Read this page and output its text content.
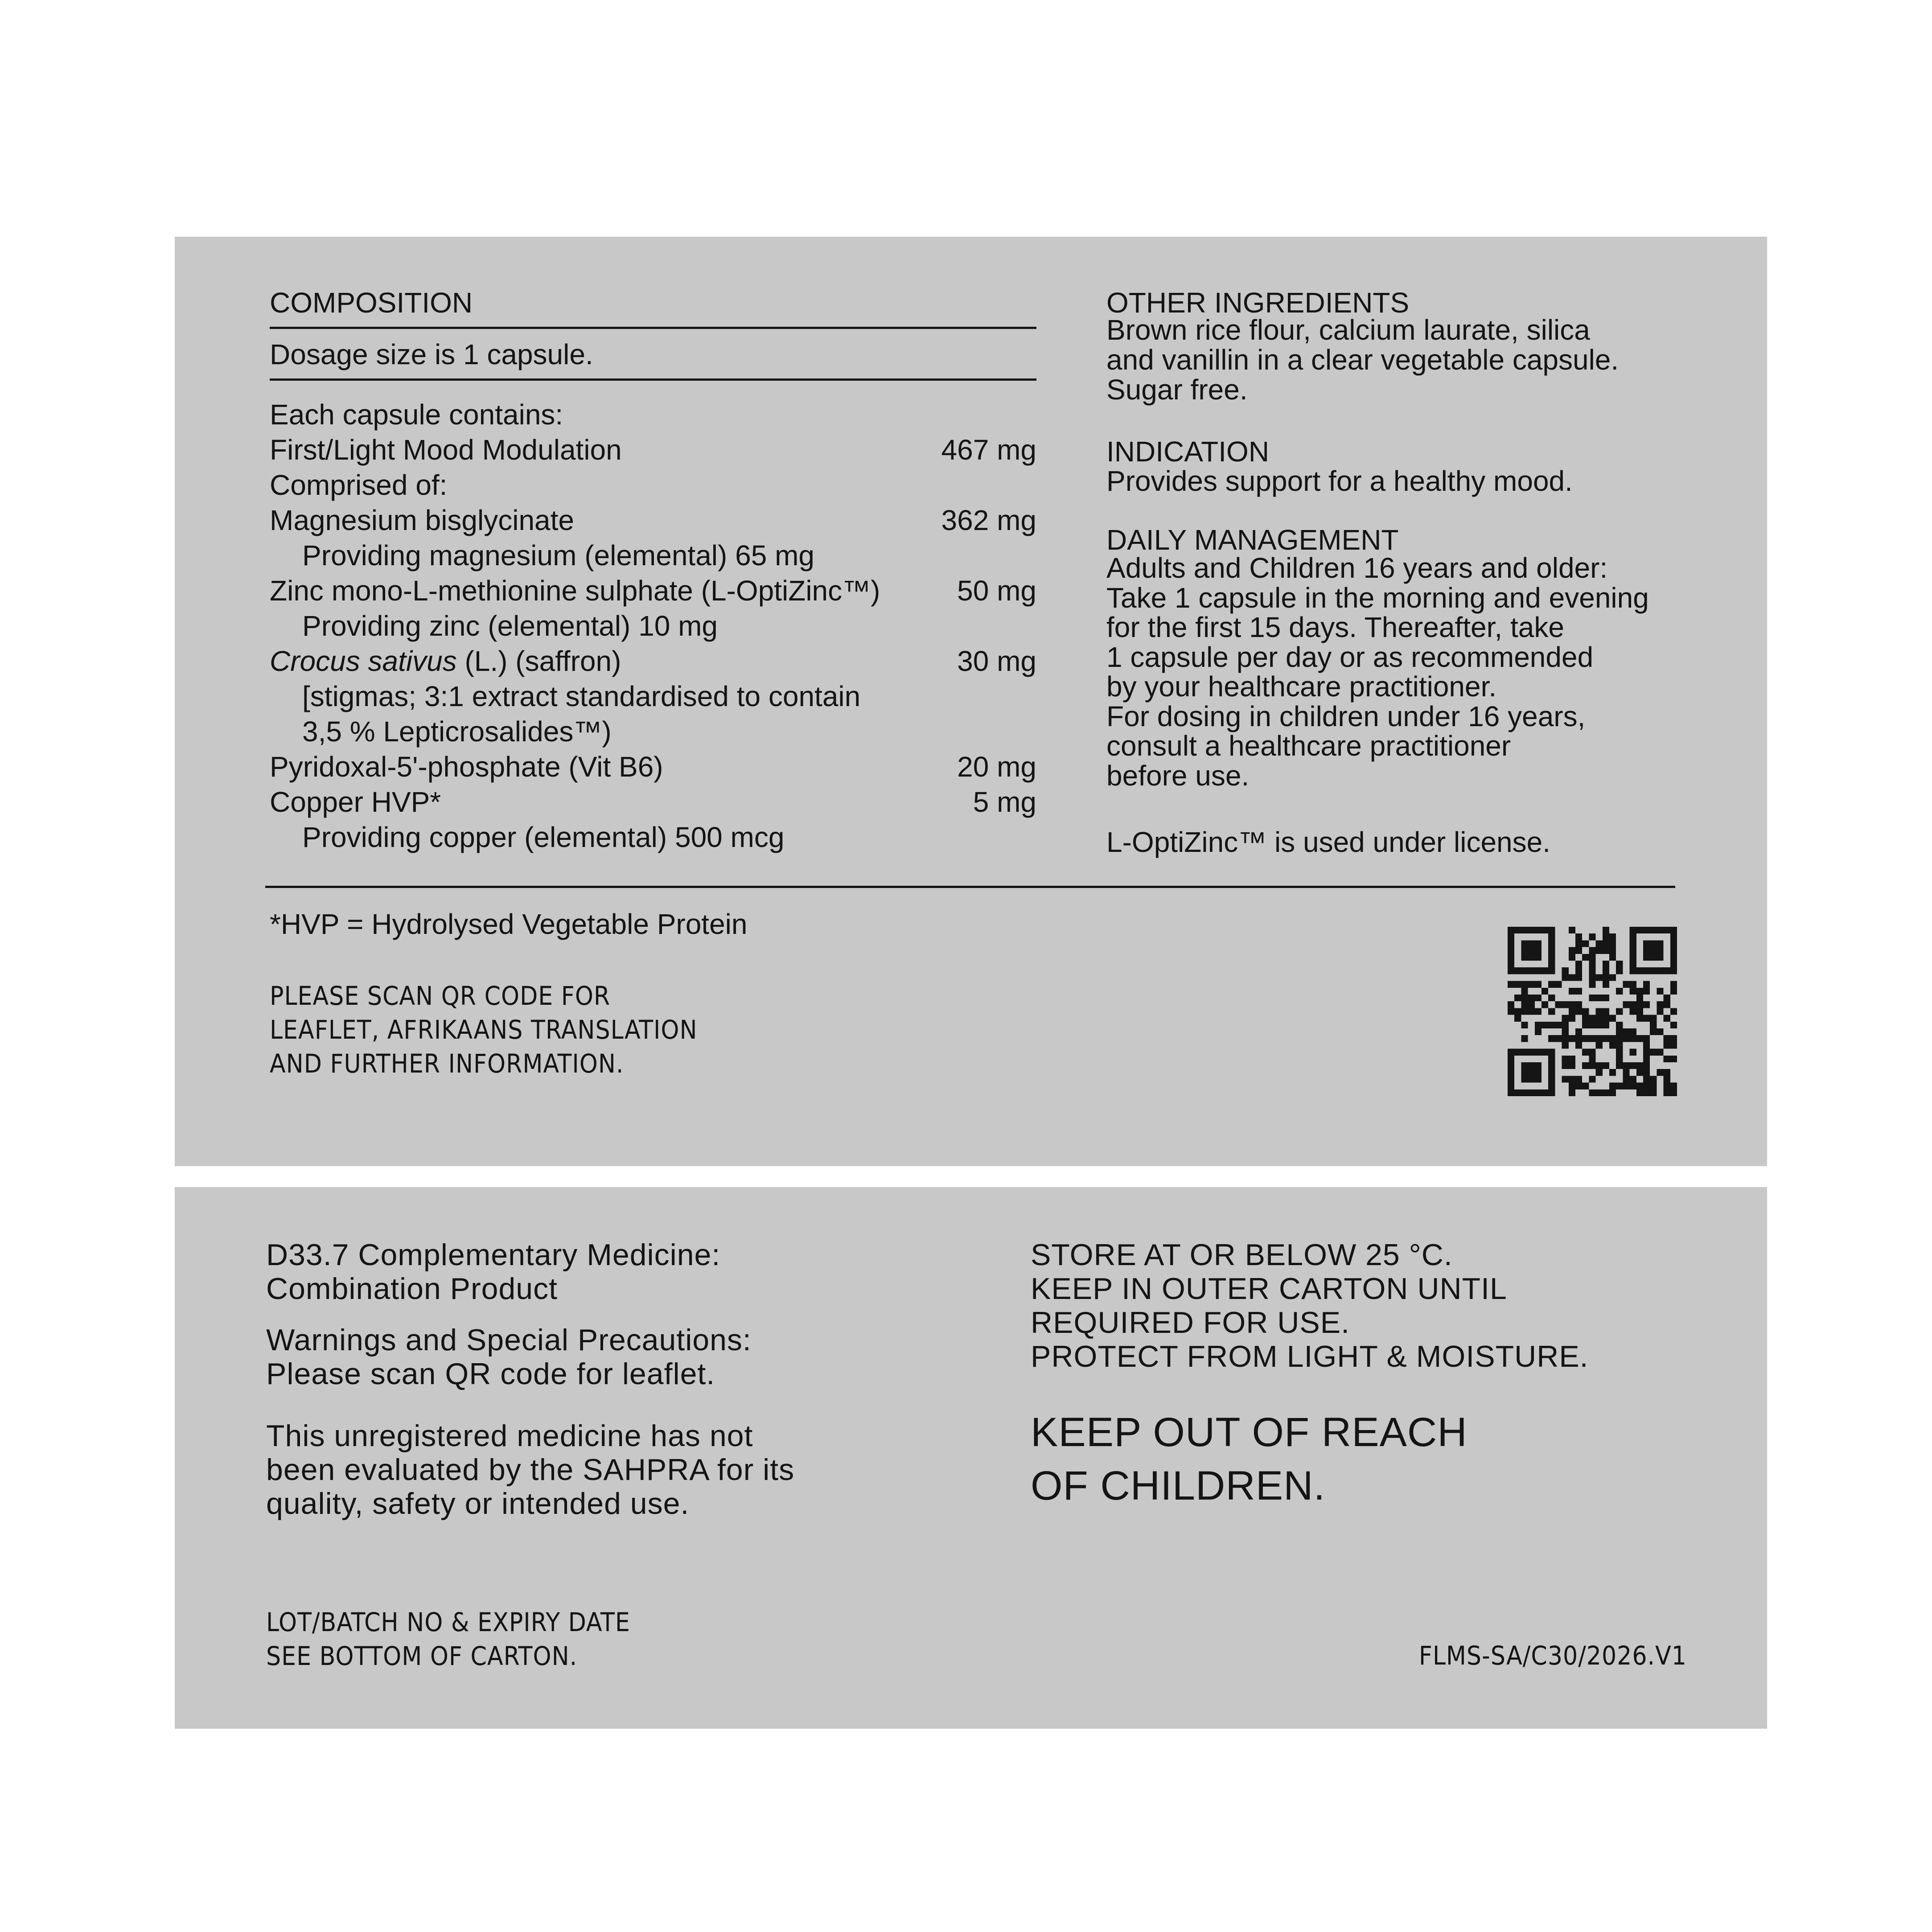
COMPOSITION
Dosage size is 1 capsule.
Each capsule contains:
First/Light Mood Modulation	467 mg
Comprised of:
Magnesium bisglycinate	362 mg
Providing magnesium (elemental) 65 mg
Zinc mono-L-methionine sulphate (L-OptiZinc™)	50 mg
Providing zinc (elemental) 10 mg
Crocus sativus (L.) (saffron)	30 mg
[stigmas; 3:1 extract standardised to contain
3,5 % Lepticrosalides™)
Pyridoxal-5'-phosphate (Vit B6)	20 mg
Copper HVP*	5 mg
Providing copper (elemental) 500 mcg
OTHER INGREDIENTS
Brown rice flour, calcium laurate, silica
and vanillin in a clear vegetable capsule.
Sugar free.
INDICATION
Provides support for a healthy mood.
DAILY MANAGEMENT
Adults and Children 16 years and older:
Take 1 capsule in the morning and evening
for the first 15 days. Thereafter, take
1 capsule per day or as recommended
by your healthcare practitioner.
For dosing in children under 16 years,
consult a healthcare practitioner
before use.
L-OptiZinc™ is used under license.
*HVP = Hydrolysed Vegetable Protein
PLEASE SCAN QR CODE FOR
LEAFLET, AFRIKAANS TRANSLATION
AND FURTHER INFORMATION.
D33.7 Complementary Medicine:
Combination Product
Warnings and Special Precautions:
Please scan QR code for leaflet.
This unregistered medicine has not
been evaluated by the SAHPRA for its
quality, safety or intended use.
STORE AT OR BELOW 25 °C.
KEEP IN OUTER CARTON UNTIL
REQUIRED FOR USE.
PROTECT FROM LIGHT & MOISTURE.
KEEP OUT OF REACH
OF CHILDREN.
LOT/BATCH NO & EXPIRY DATE
SEE BOTTOM OF CARTON.	FLMS-SA/C30/2026.V1
